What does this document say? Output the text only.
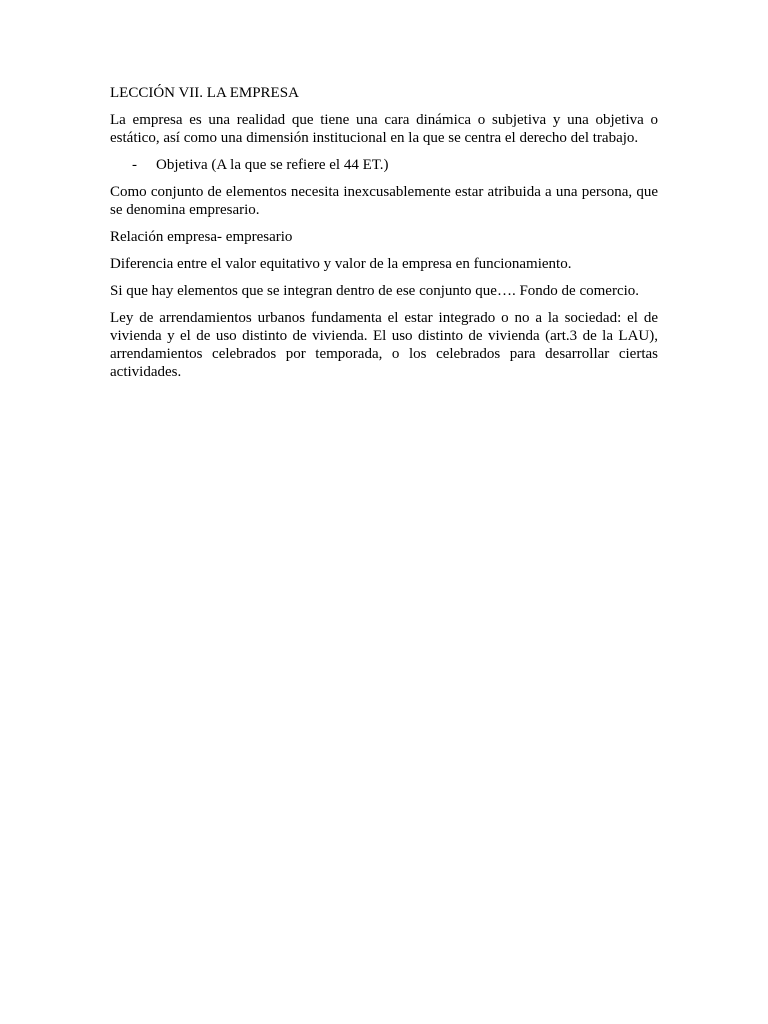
LECCIÓN VII. LA EMPRESA
La empresa es una realidad que tiene una cara dinámica o subjetiva y una objetiva o estático, así como una dimensión institucional en la que se centra el derecho del trabajo.
-	Objetiva (A la que se refiere el 44 ET.)
Como conjunto de elementos necesita inexcusablemente estar atribuida a una persona, que se denomina empresario.
Relación empresa- empresario
Diferencia entre el valor equitativo y valor de la empresa en funcionamiento.
Si que hay elementos que se integran dentro de ese conjunto que…. Fondo de comercio.
Ley de arrendamientos urbanos fundamenta el estar integrado o no a la sociedad: el de vivienda y el de uso distinto de vivienda. El uso distinto de vivienda (art.3 de la LAU), arrendamientos celebrados por temporada, o los celebrados para desarrollar ciertas actividades.
